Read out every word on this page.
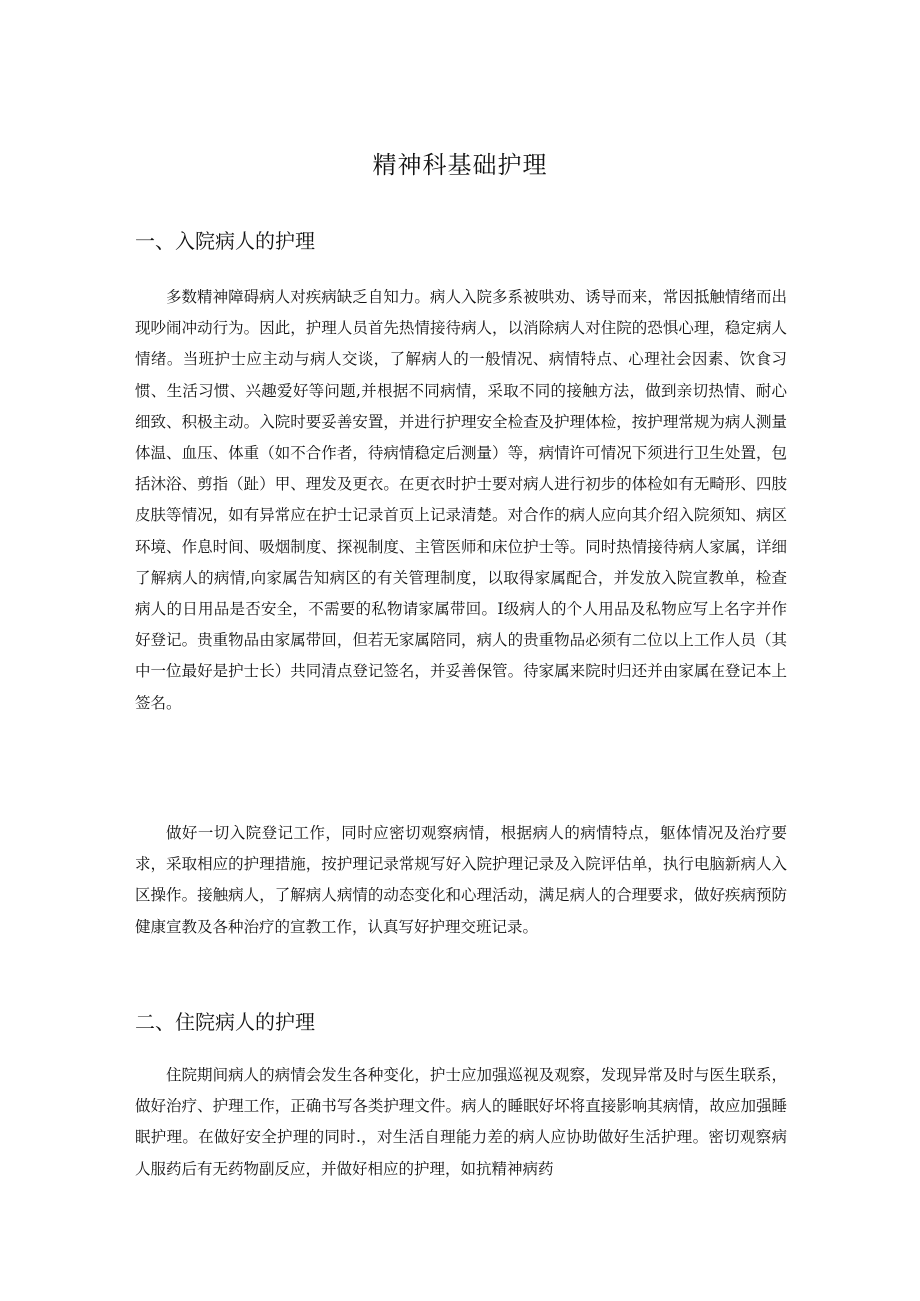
精神科基础护理
一、入院病人的护理

多数精神障碍病人对疾病缺乏自知力。病人入院多系被哄劝、诱导而来，常因抵触情绪而出现吵闹冲动行为。因此，护理人员首先热情接待病人，以消除病人对住院的恐惧心理，稳定病人情绪。当班护士应主动与病人交谈，了解病人的一般情况、病情特点、心理社会因素、饮食习惯、生活习惯、兴趣爱好等问题,并根据不同病情，采取不同的接触方法，做到亲切热情、耐心细致、积极主动。入院时要妥善安置，并进行护理安全检查及护理体检，按护理常规为病人测量体温、血压、体重（如不合作者，待病情稳定后测量）等，病情许可情况下须进行卫生处置，包括沐浴、剪指（趾）甲、理发及更衣。在更衣时护士要对病人进行初步的体检如有无畸形、四肢皮肤等情况，如有异常应在护士记录首页上记录清楚。对合作的病人应向其介绍入院须知、病区环境、作息时间、吸烟制度、探视制度、主管医师和床位护士等。同时热情接待病人家属，详细了解病人的病情,向家属告知病区的有关管理制度，以取得家属配合，并发放入院宣教单，检查病人的日用品是否安全，不需要的私物请家属带回。I级病人的个人用品及私物应写上名字并作好登记。贵重物品由家属带回，但若无家属陪同，病人的贵重物品必须有二位以上工作人员（其中一位最好是护士长）共同清点登记签名，并妥善保管。待家属来院时归还并由家属在登记本上签名。

做好一切入院登记工作，同时应密切观察病情，根据病人的病情特点，躯体情况及治疗要求，采取相应的护理措施，按护理记录常规写好入院护理记录及入院评估单，执行电脑新病人入区操作。接触病人，了解病人病情的动态变化和心理活动，满足病人的合理要求，做好疾病预防健康宣教及各种治疗的宣教工作，认真写好护理交班记录。

二、住院病人的护理

住院期间病人的病情会发生各种变化，护士应加强巡视及观察，发现异常及时与医生联系，做好治疗、护理工作，正确书写各类护理文件。病人的睡眠好坏将直接影响其病情，故应加强睡眠护理。在做好安全护理的同时.，对生活自理能力差的病人应协助做好生活护理。密切观察病人服药后有无药物副反应，并做好相应的护理，如抗精神病药
